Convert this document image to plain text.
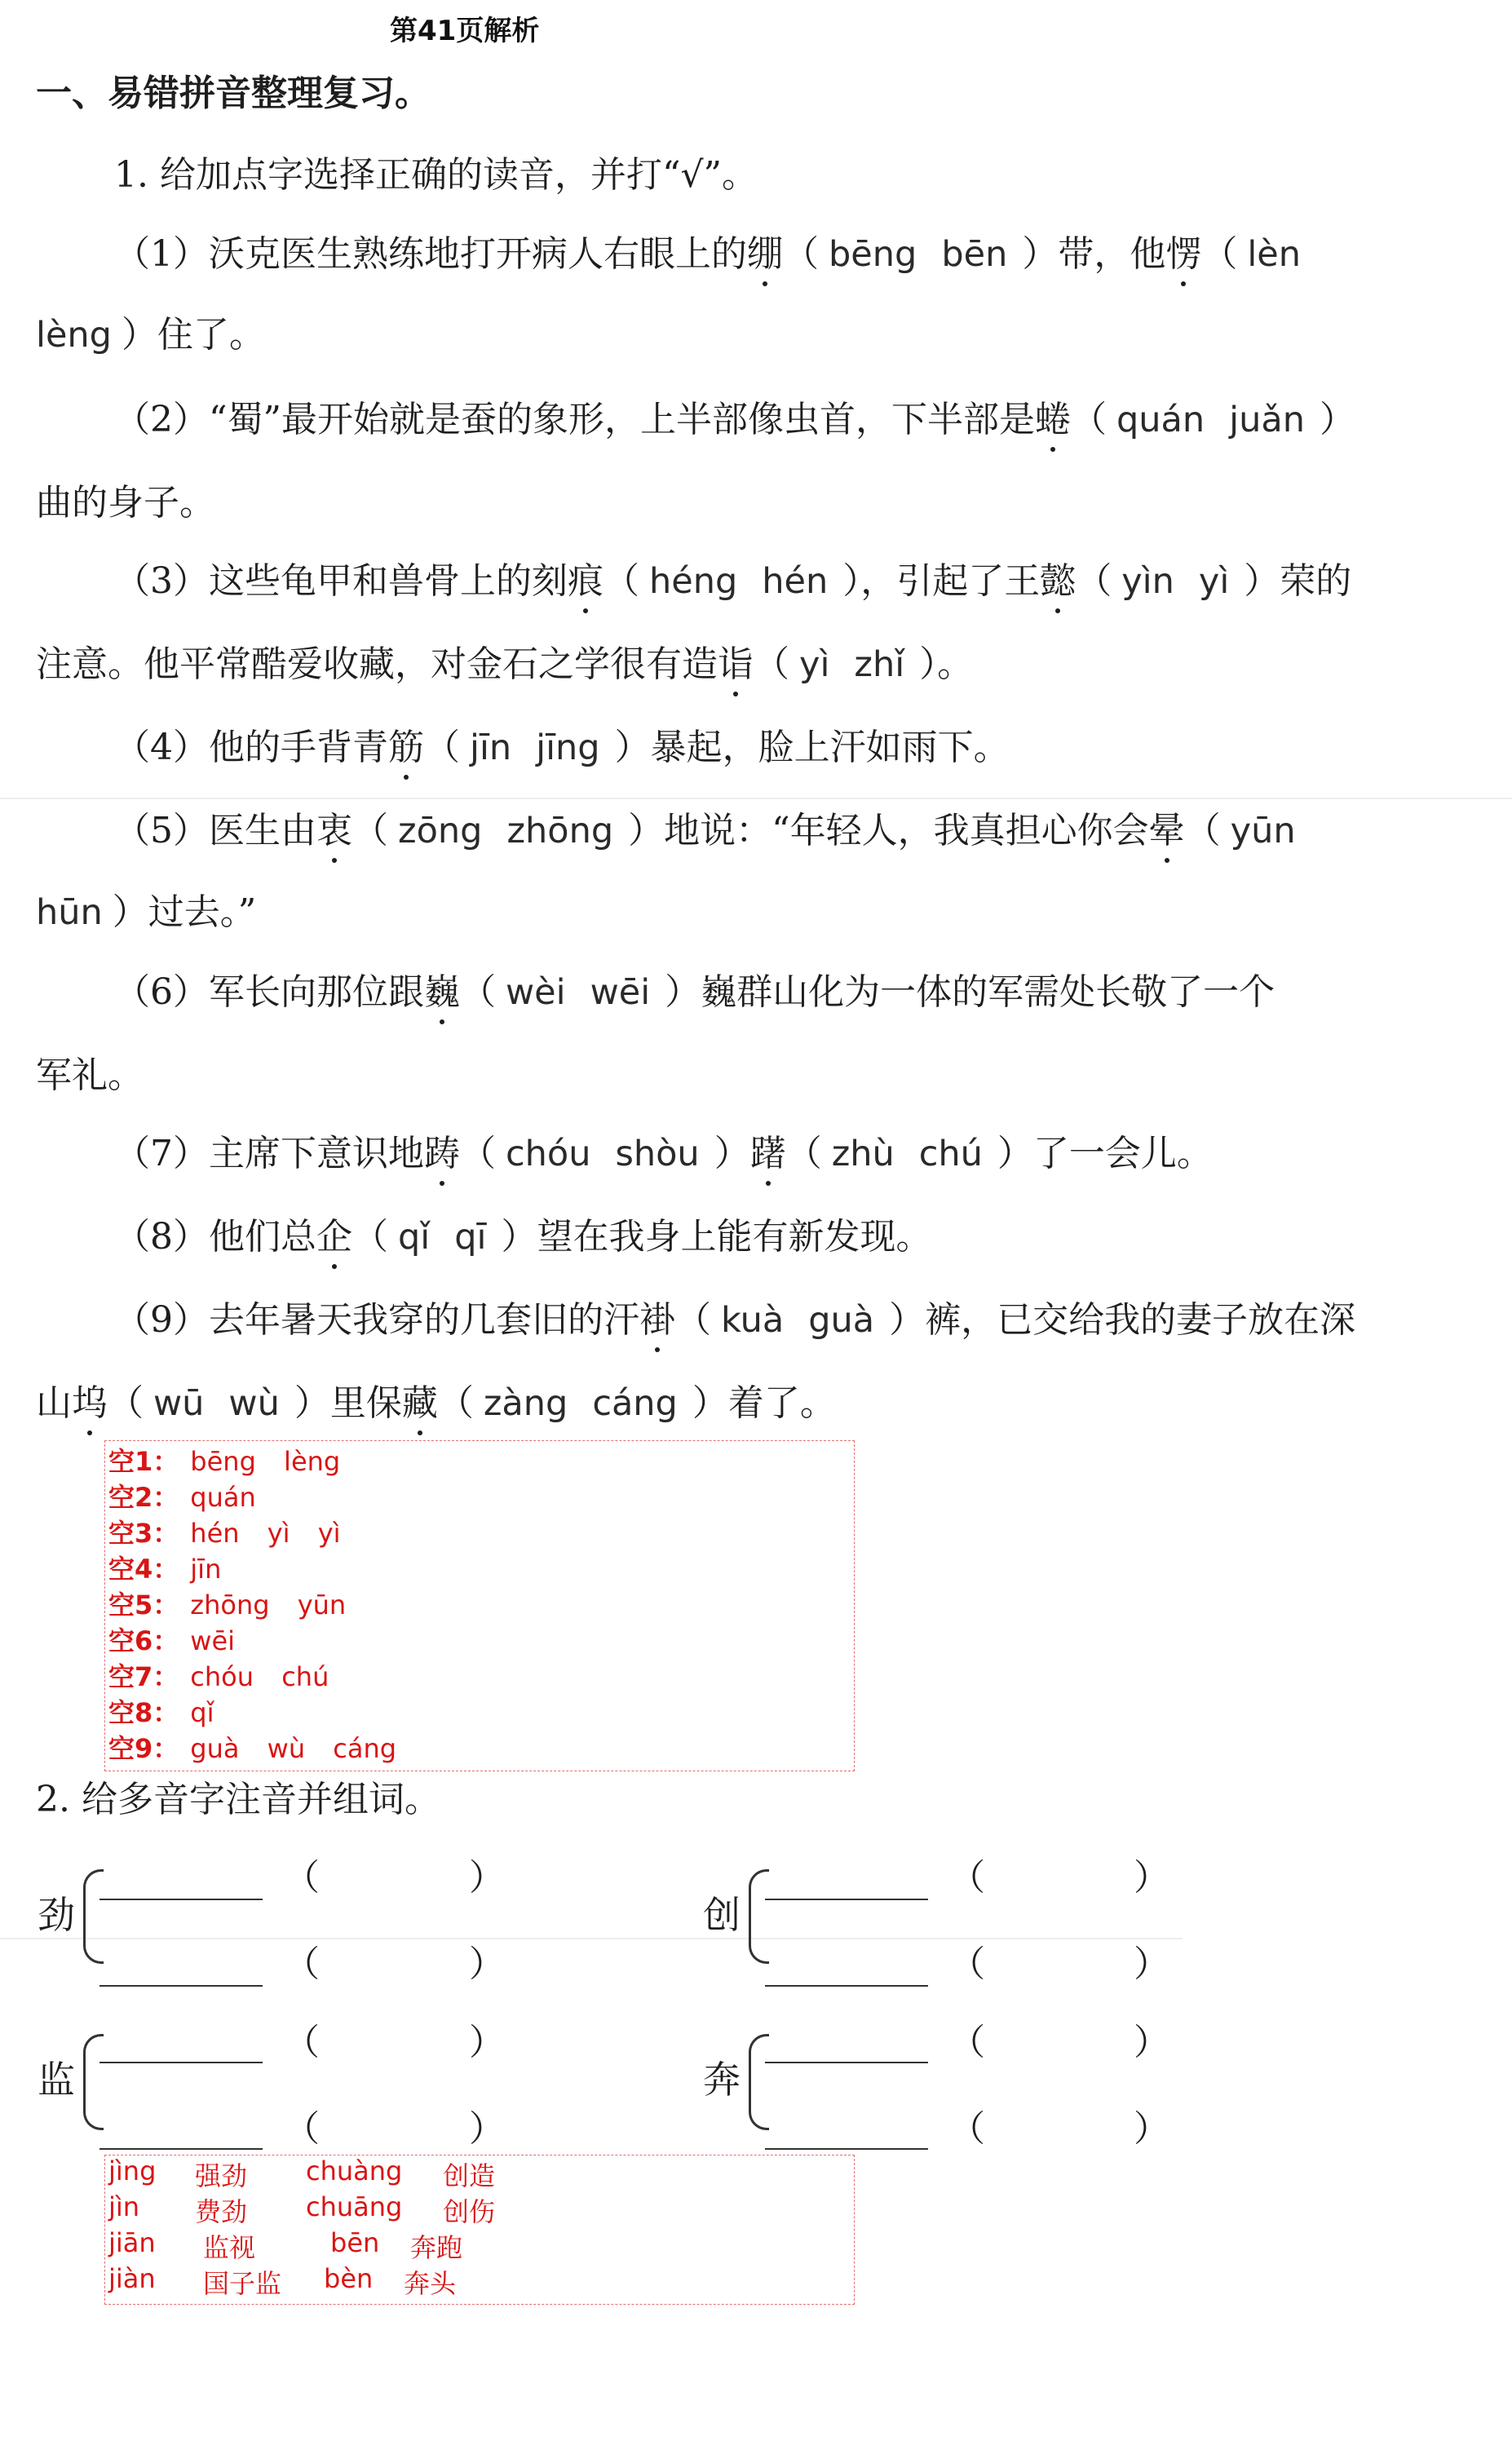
第41页解析
一、易错拼音整理复习。
1. 给加点字选择正确的读音，并打“√”。
（1）沃克医生熟练地打开病人右眼上的绷（ bēng bēn ）带，他愣（ lèn
lèng ）住了。
（2）“蜀”最开始就是蚕的象形，上半部像虫首，下半部是蜷（ quán juǎn ）
曲的身子。
（3）这些龟甲和兽骨上的刻痕（ héng hén ），引起了王懿（ yìn yì ）荣的
注意。他平常酷爱收藏，对金石之学很有造诣（ yì zhǐ ）。
（4）他的手背青筋（ jīn jīng ）暴起，脸上汗如雨下。
（5）医生由衷（ zōng zhōng ）地说：“年轻人，我真担心你会晕（ yūn
hūn ）过去。”
（6）军长向那位跟巍（ wèi wēi ）巍群山化为一体的军需处长敬了一个
军礼。
（7）主席下意识地踌（ chóu shòu ）躇（ zhù chú ）了一会儿。
（8）他们总企（ qǐ qī ）望在我身上能有新发现。
（9）去年暑天我穿的几套旧的汗褂（ kuà guà ）裤，已交给我的妻子放在深
山坞（ wū wù ）里保藏（ zàng cáng ）着了。
空1： bēng lèng
空2： quán
空3： hén yì yì
空4： jīn
空5： zhōng yūn
空6： wēi
空7： chóu chú
空8： qǐ
空9： guà wù cáng
2. 给多音字注音并组词。
劲
（	）
（	）
创
（	）
（	）
监
（	）
（	）
奔
（	）
（	）
jìng 强劲 chuàng 创造
jìn 费劲 chuāng 创伤
jiān 监视	bēn 奔跑
jiàn 国子监 bèn 奔头
